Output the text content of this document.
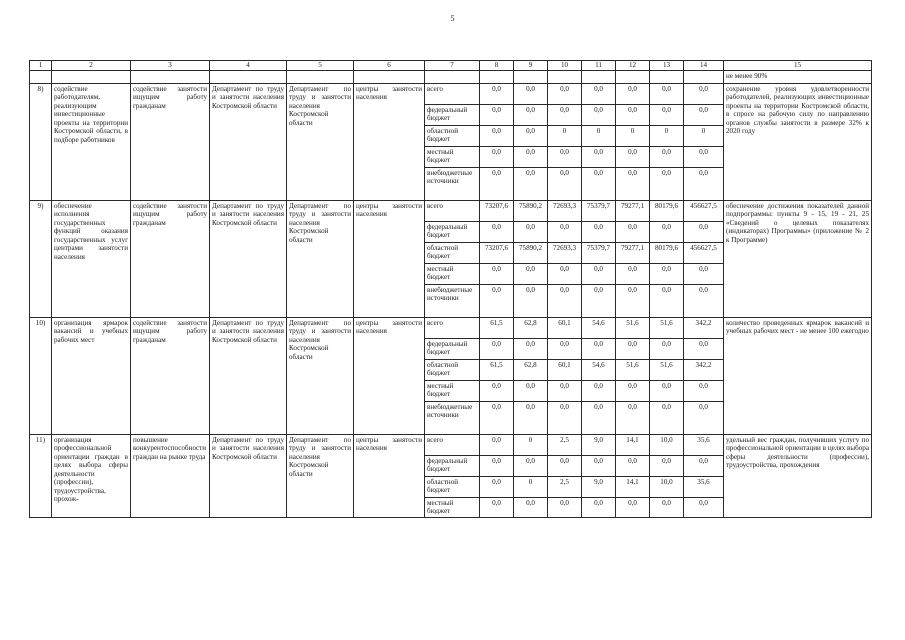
5
1	2	3	4	5	6	7	8	9	10	11	12	13	14	15
														не менее 90%
8)	содействие работодателям, реализующим инвестиционные проекты на территории Костромской области, в подборе работников	содействие занятости ищущим работу гражданам	Департамент по труду и занятости населения Костромской области	Департамент по труду и занятости населения Костромской области	центры занятости населения	всего	0,0	0,0	0,0	0,0	0,0	0,0	0,0	сохранение уровня удовлетворенности работодателей, реализующих инвестиционные проекты на территории Костромской области, в спросе на рабочую силу по направлению органов службы занятости в размере 32% к 2020 году
						федеральный бюджет	0,0	0,0	0,0	0,0	0,0	0,0	0,0	
						областной бюджет	0,0	0,0	0	0	0	0	0	
						местный бюджет	0,0	0,0	0,0	0,0	0,0	0,0	0,0	
						внебюджетные источники	0,0	0,0	0,0	0,0	0,0	0,0	0,0	
9)	обеспечение исполнения государственных функций оказания государственных услуг центрами занятости населения	содействие занятости ищущим работу гражданам	Департамент по труду и занятости населения Костромской области	Департамент по труду и занятости населения Костромской области	центры занятости населения	всего	73207,6	75890,2	72693,3	75379,7	79277,1	80179,6	456627,5	обеспечение достижения показателей данной подпрограммы: пункты 9 - 15, 19 - 21, 25 «Сведений о целевых показателях (индикаторах) Программы» (приложение № 2 к Программе)
						федеральный бюджет	0,0	0,0	0,0	0,0	0,0	0,0	0,0	
						областной бюджет	73207,6	75890,2	72693,3	75379,7	79277,1	80179,6	456627,5	
						местный бюджет	0,0	0,0	0,0	0,0	0,0	0,0	0,0	
						внебюджетные источники	0,0	0,0	0,0	0,0	0,0	0,0	0,0	
10)	организация ярмарок вакансий и учебных рабочих мест	содействие занятости ищущим работу гражданам	Департамент по труду и занятости населения Костромской области	Департамент по труду и занятости населения Костромской области	центры занятости населения	всего	61,5	62,8	60,1	54,6	51,6	51,6	342,2	количество проведенных ярмарок вакансий и учебных рабочих мест - не менее 100 ежегодно
						федеральный бюджет	0,0	0,0	0,0	0,0	0,0	0,0	0,0	
						областной бюджет	61,5	62,8	60,1	54,6	51,6	51,6	342,2	
						местный бюджет	0,0	0,0	0,0	0,0	0,0	0,0	0,0	
						внебюджетные источники	0,0	0,0	0,0	0,0	0,0	0,0	0,0	
11)	организация профессиональной ориентации граждан в целях выбора сферы деятельности (профессии), трудоустройства, прохож-	повышение конкурентоспособности граждан на рынке труда	Департамент по труду и занятости населения Костромской области	Департамент по труду и занятости населения Костромской области	центры занятости населения	всего	0,0	0	2,5	9,0	14,1	10,0	35,6	удельный вес граждан, получивших услугу по профессиональной ориентации в целях выбора сферы деятельности (профессии), трудоустройства, прохождения
						федеральный бюджет	0,0	0,0	0,0	0,0	0,0	0,0	0,0	
						областной бюджет	0,0	0	2,5	9,0	14,1	10,0	35,6	
						местный бюджет	0,0	0,0	0,0	0,0	0,0	0,0	0,0	
